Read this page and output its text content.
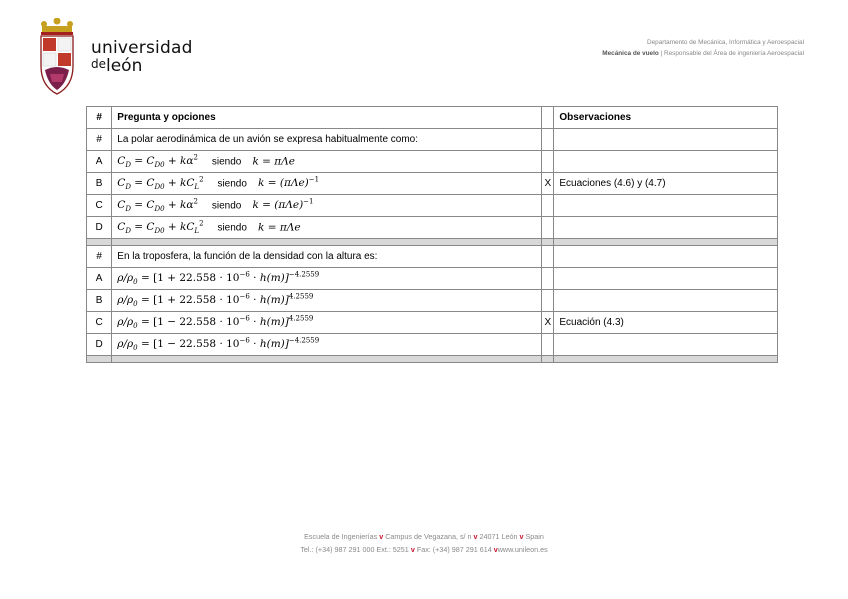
universidad
deleón
Departamento de Mecánica, Informática y Aeroespacial
Mecánica de vuelo | Responsable del Área de ingeniería Aeroespacial
#	Pregunta y opciones		Observaciones
#	La polar aerodinámica de un avión se expresa habitualmente como:		
A	$C_D = C_{D0} + k\alpha^2$     siendo    k = πΛe		
B	$C_D = C_{D0} + kC_L^2$     siendo    $k = (\pi\Lambda e)^{-1}$	X	Ecuaciones (4.6) y (4.7)
C	$C_D = C_{D0} + k\alpha^2$     siendo    $k = (\pi\Lambda e)^{-1}$		
D	$C_D = C_{D0} + kC_L^2$     siendo    k = πΛe		

#	En la troposfera, la función de la densidad con la altura es:		
A	$\rho/\rho_0 = [1 + 22.558 \cdot 10^{-6} \cdot h(m)]^{-4.2559}$		
B	$\rho/\rho_0 = [1 + 22.558 \cdot 10^{-6} \cdot h(m)]^{4.2559}$		
C	$\rho/\rho_0 = [1 - 22.558 \cdot 10^{-6} \cdot h(m)]^{4.2559}$	X	Ecuación (4.3)
D	$\rho/\rho_0 = [1 - 22.558 \cdot 10^{-6} \cdot h(m)]^{-4.2559}$		

Escuela de Ingenierías v Campus de Vegazana, s/ n v 24071 León v Spain
Tel.: (+34) 987 291 000 Ext.: 5251 v Fax: (+34) 987 291 614 vwww.unileon.es
